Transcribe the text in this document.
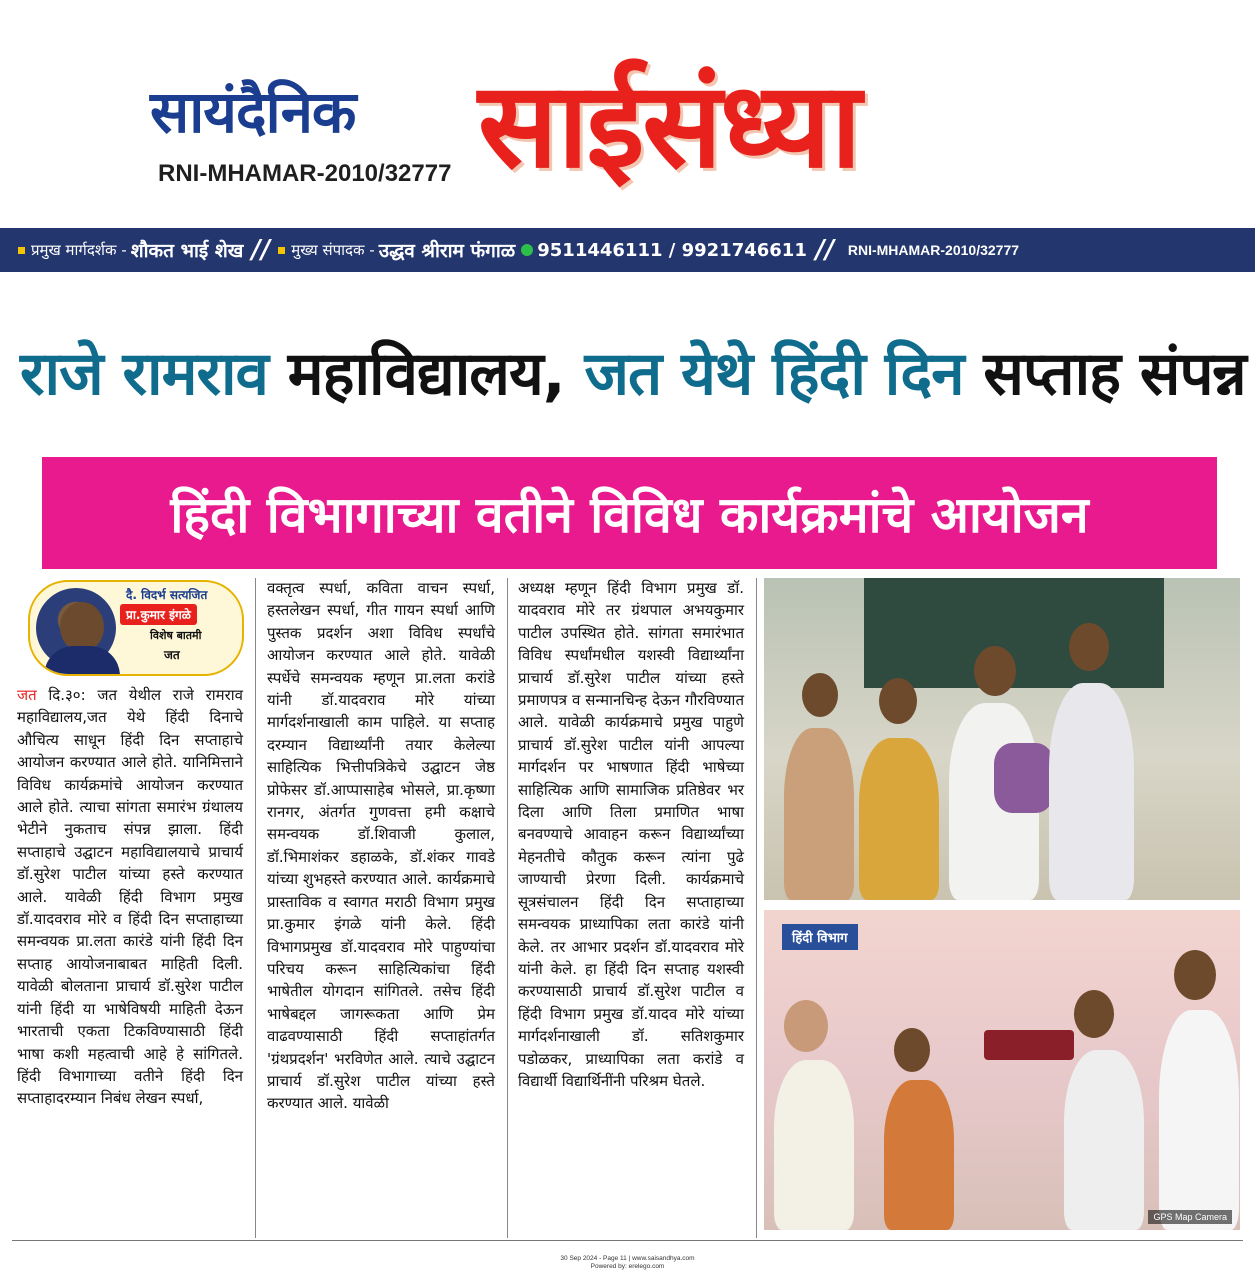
सायंदैनिक
RNI-MHAMAR-2010/32777 साईसंध्या
प्रमुख मार्गदर्शक - शौकत भाई शेख // मुख्य संपादक - उद्धव श्रीराम फंगाळ 9511446111 / 9921746611 // RNI-MHAMAR-2010/32777
राजे रामराव महाविद्यालय, जत येथे हिंदी दिन सप्ताह संपन्न
हिंदी विभागाच्या वतीने विविध कार्यक्रमांचे आयोजन
दै. विदर्भ सत्यजित
प्रा.कुमार इंगळे
विशेष बातमी
जत
जत दि.३०: जत येथील राजे रामराव महाविद्यालय,जत येथे हिंदी दिनाचे औचित्य साधून हिंदी दिन सप्ताहाचे आयोजन करण्यात आले होते. यानिमित्ताने विविध कार्यक्रमांचे आयोजन करण्यात आले होते. त्याचा सांगता समारंभ ग्रंथालय भेटीने नुकताच संपन्न झाला. हिंदी सप्ताहाचे उद्घाटन महाविद्यालयाचे प्राचार्य डॉ.सुरेश पाटील यांच्या हस्ते करण्यात आले. यावेळी हिंदी विभाग प्रमुख डॉ.यादवराव मोरे व हिंदी दिन सप्ताहाच्या समन्वयक प्रा.लता कारंडे यांनी हिंदी दिन सप्ताह आयोजनाबाबत माहिती दिली. यावेळी बोलताना प्राचार्य डॉ.सुरेश पाटील यांनी हिंदी या भाषेविषयी माहिती देऊन भारताची एकता टिकविण्यासाठी हिंदी भाषा कशी महत्वाची आहे हे सांगितले. हिंदी विभागाच्या वतीने हिंदी दिन सप्ताहादरम्यान निबंध लेखन स्पर्धा,
वक्तृत्व स्पर्धा, कविता वाचन स्पर्धा, हस्तलेखन स्पर्धा, गीत गायन स्पर्धा आणि पुस्तक प्रदर्शन अशा विविध स्पर्धांचे आयोजन करण्यात आले होते. यावेळी स्पर्धेचे समन्वयक म्हणून प्रा.लता करांडे यांनी डॉ.यादवराव मोरे यांच्या मार्गदर्शनाखाली काम पाहिले. या सप्ताह दरम्यान विद्यार्थ्यांनी तयार केलेल्या साहित्यिक भित्तीपत्रिकेचे उद्घाटन जेष्ठ प्रोफेसर डॉ.आप्पासाहेब भोसले, प्रा.कृष्णा रानगर, अंतर्गत गुणवत्ता हमी कक्षाचे समन्वयक डॉ.शिवाजी कुलाल, डॉ.भिमाशंकर डहाळके, डॉ.शंकर गावडे यांच्या शुभहस्ते करण्यात आले. कार्यक्रमाचे प्रास्ताविक व स्वागत मराठी विभाग प्रमुख प्रा.कुमार इंगळे यांनी केले. हिंदी विभागप्रमुख डॉ.यादवराव मोरे पाहुण्यांचा परिचय करून साहित्यिकांचा हिंदी भाषेतील योगदान सांगितले. तसेच हिंदी भाषेबद्दल जागरूकता आणि प्रेम वाढवण्यासाठी हिंदी सप्ताहांतर्गत 'ग्रंथप्रदर्शन' भरविणेत आले. त्याचे उद्घाटन प्राचार्य डॉ.सुरेश पाटील यांच्या हस्ते करण्यात आले. यावेळी
अध्यक्ष म्हणून हिंदी विभाग प्रमुख डॉ. यादवराव मोरे तर ग्रंथपाल अभयकुमार पाटील उपस्थित होते. सांगता समारंभात विविध स्पर्धांमधील यशस्वी विद्यार्थ्यांना प्राचार्य डॉ.सुरेश पाटील यांच्या हस्ते प्रमाणपत्र व सन्मानचिन्ह देऊन गौरविण्यात आले. यावेळी कार्यक्रमाचे प्रमुख पाहुणे प्राचार्य डॉ.सुरेश पाटील यांनी आपल्या मार्गदर्शन पर भाषणात हिंदी भाषेच्या साहित्यिक आणि सामाजिक प्रतिष्ठेवर भर दिला आणि तिला प्रमाणित भाषा बनवण्याचे आवाहन करून विद्यार्थ्यांच्या मेहनतीचे कौतुक करून त्यांना पुढे जाण्याची प्रेरणा दिली. कार्यक्रमाचे सूत्रसंचालन हिंदी दिन सप्ताहाच्या समन्वयक प्राध्यापिका लता कारंडे यांनी केले. तर आभार प्रदर्शन डॉ.यादवराव मोरे यांनी केले. हा हिंदी दिन सप्ताह यशस्वी करण्यासाठी प्राचार्य डॉ.सुरेश पाटील व हिंदी विभाग प्रमुख डॉ.यादव मोरे यांच्या मार्गदर्शनाखाली डॉ. सतिशकुमार पडोळकर, प्राध्यापिका लता करांडे व विद्यार्थी विद्यार्थिनींनी परिश्रम घेतले.
हिंदी विभाग
GPS Map Camera
30 Sep 2024 - Page 11 | www.saisandhya.com
Powered by: erelego.com
